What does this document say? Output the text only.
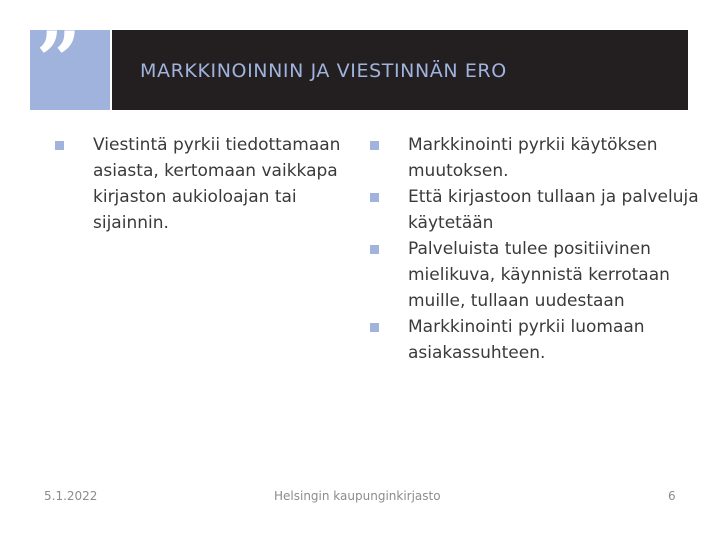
”	MARKKINOINNIN JA VIESTINNÄN ERO
Viestintä pyrkii tiedottamaan asiasta, kertomaan vaikkapa kirjaston aukioloajan tai sijainnin.
Markkinointi pyrkii käytöksen muutoksen.
Että kirjastoon tullaan ja palveluja käytetään
Palveluista tulee positiivinen mielikuva, käynnistä kerrotaan muille, tullaan uudestaan
Markkinointi pyrkii luomaan asiakassuhteen.
5.1.2022	Helsingin kaupunginkirjasto	6
